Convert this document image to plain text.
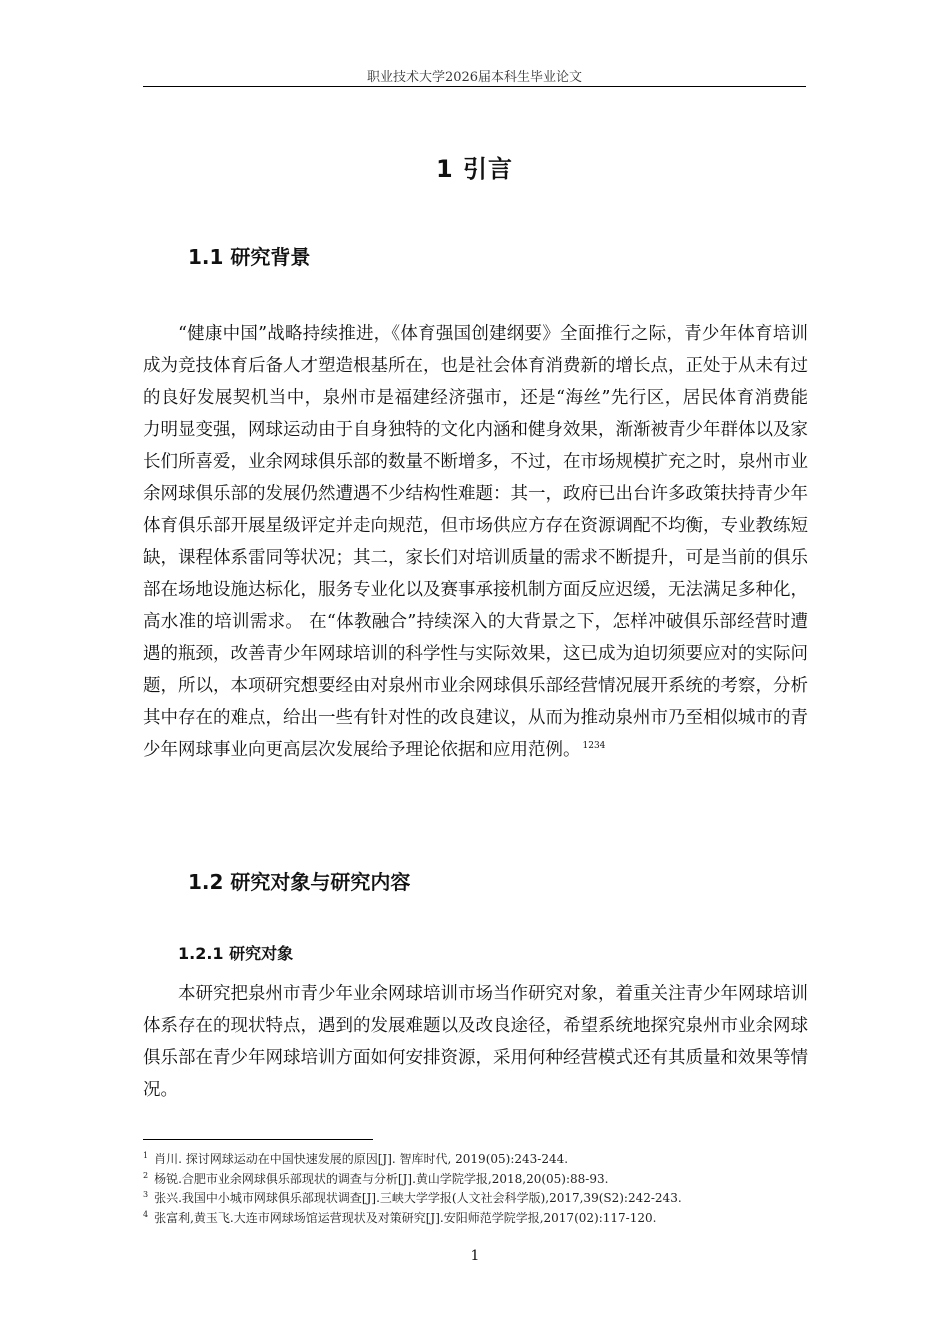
职业技术大学2026届本科生毕业论文
1 引言
1.1 研究背景

“健康中国”战略持续推进，《体育强国创建纲要》全面推行之际，青少年体育培训成为竞技体育后备人才塑造根基所在，也是社会体育消费新的增长点，正处于从未有过的良好发展契机当中，泉州市是福建经济强市，还是“海丝”先行区，居民体育消费能力明显变强，网球运动由于自身独特的文化内涵和健身效果，渐渐被青少年群体以及家长们所喜爱，业余网球俱乐部的数量不断增多，不过，在市场规模扩充之时，泉州市业余网球俱乐部的发展仍然遭遇不少结构性难题：其一，政府已出台许多政策扶持青少年体育俱乐部开展星级评定并走向规范，但市场供应方存在资源调配不均衡，专业教练短缺，课程体系雷同等状况；其二，家长们对培训质量的需求不断提升，可是当前的俱乐部在场地设施达标化，服务专业化以及赛事承接机制方面反应迟缓，无法满足多种化，高水准的培训需求。 在“体教融合”持续深入的大背景之下，怎样冲破俱乐部经营时遭遇的瓶颈，改善青少年网球培训的科学性与实际效果，这已成为迫切须要应对的实际问题，所以，本项研究想要经由对泉州市业余网球俱乐部经营情况展开系统的考察，分析其中存在的难点，给出一些有针对性的改良建议，从而为推动泉州市乃至相似城市的青少年网球事业向更高层次发展给予理论依据和应用范例。 $^{1234}$

1.2 研究对象与研究内容
1.2.1 研究对象

本研究把泉州市青少年业余网球培训市场当作研究对象，着重关注青少年网球培训体系存在的现状特点，遇到的发展难题以及改良途径，希望系统地探究泉州市业余网球俱乐部在青少年网球培训方面如何安排资源，采用何种经营模式还有其质量和效果等情况。

$^1$ 肖川. 探讨网球运动在中国快速发展的原因[J]. 智库时代, 2019(05):243-244.
$^2$ 杨锐.合肥市业余网球俱乐部现状的调查与分析[J].黄山学院学报,2018,20(05):88-93.
$^3$ 张兴.我国中小城市网球俱乐部现状调查[J].三峡大学学报(人文社会科学版),2017,39(S2):242-243.
$^4$ 张富利,黄玉飞.大连市网球场馆运营现状及对策研究[J].安阳师范学院学报,2017(02):117-120.
1
